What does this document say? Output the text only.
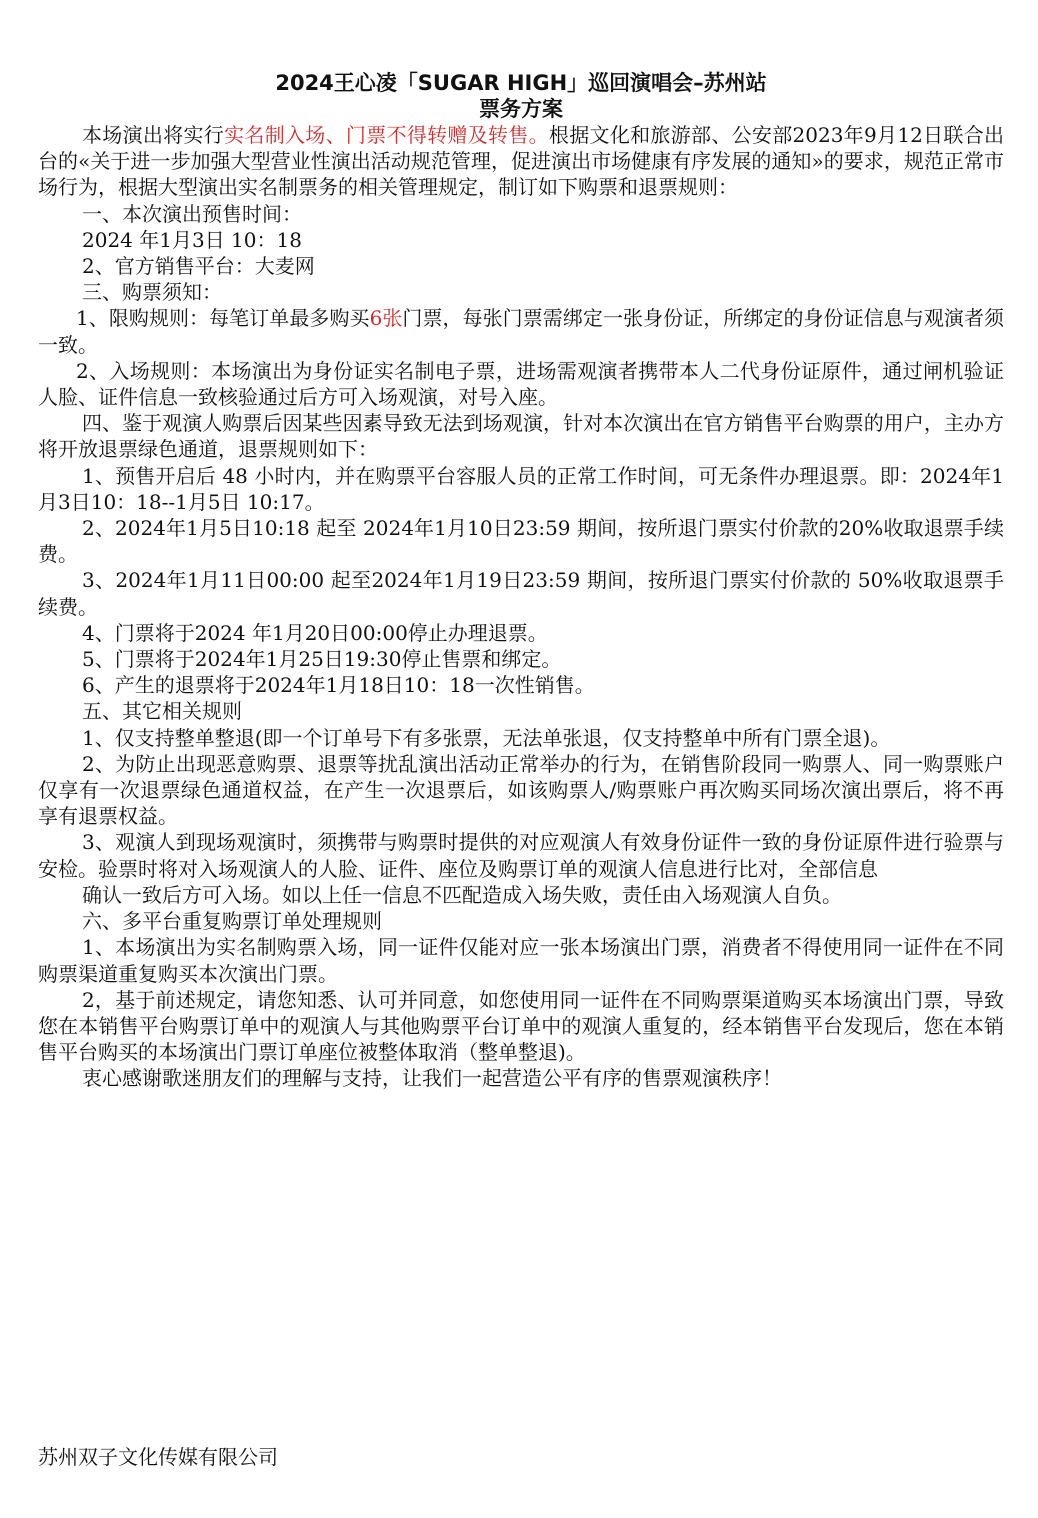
2024王心凌「SUGAR HIGH」巡回演唱会–苏州站
票务方案

本场演出将实行实名制入场、门票不得转赠及转售。根据文化和旅游部、公安部2023年9月12日联合出台的«关于进一步加强大型营业性演出活动规范管理，促进演出市场健康有序发展的通知»的要求，规范正常市场行为，根据大型演出实名制票务的相关管理规定，制订如下购票和退票规则：

一、本次演出预售时间：

2024 年1月3日 10：18

2、官方销售平台：大麦网

三、购票须知：

1、限购规则：每笔订单最多购买6张门票，每张门票需绑定一张身份证，所绑定的身份证信息与观演者须一致。

2、入场规则：本场演出为身份证实名制电子票，进场需观演者携带本人二代身份证原件，通过闸机验证人脸、证件信息一致核验通过后方可入场观演，对号入座。

四、鉴于观演人购票后因某些因素导致无法到场观演，针对本次演出在官方销售平台购票的用户，主办方将开放退票绿色通道，退票规则如下：

1、预售开启后 48 小时内，并在购票平台容服人员的正常工作时间，可无条件办理退票。即：2024年1月3日10：18--1月5日 10:17。

2、2024年1月5日10:18 起至 2024年1月10日23:59 期间，按所退门票实付价款的20%收取退票手续费。

3、2024年1月11日00:00 起至2024年1月19日23:59 期间，按所退门票实付价款的 50%收取退票手续费。

4、门票将于2024 年1月20日00:00停止办理退票。

5、门票将于2024年1月25日19:30停止售票和绑定。

6、产生的退票将于2024年1月18日10：18一次性销售。

五、其它相关规则

1、仅支持整单整退(即一个订单号下有多张票，无法单张退，仅支持整单中所有门票全退)。

2、为防止出现恶意购票、退票等扰乱演出活动正常举办的行为，在销售阶段同一购票人、同一购票账户仅享有一次退票绿色通道权益，在产生一次退票后，如该购票人/购票账户再次购买同场次演出票后，将不再享有退票权益。

3、观演人到现场观演时，须携带与购票时提供的对应观演人有效身份证件一致的身份证原件进行验票与安检。验票时将对入场观演人的人脸、证件、座位及购票订单的观演人信息进行比对，全部信息

确认一致后方可入场。如以上任一信息不匹配造成入场失败，责任由入场观演人自负。

六、多平台重复购票订单处理规则

1、本场演出为实名制购票入场，同一证件仅能对应一张本场演出门票，消费者不得使用同一证件在不同购票渠道重复购买本次演出门票。

2，基于前述规定，请您知悉、认可并同意，如您使用同一证件在不同购票渠道购买本场演出门票，导致您在本销售平台购票订单中的观演人与其他购票平台订单中的观演人重复的，经本销售平台发现后，您在本销售平台购买的本场演出门票订单座位被整体取消（整单整退)。

衷心感谢歌迷朋友们的理解与支持，让我们一起营造公平有序的售票观演秩序！

苏州双子文化传媒有限公司
